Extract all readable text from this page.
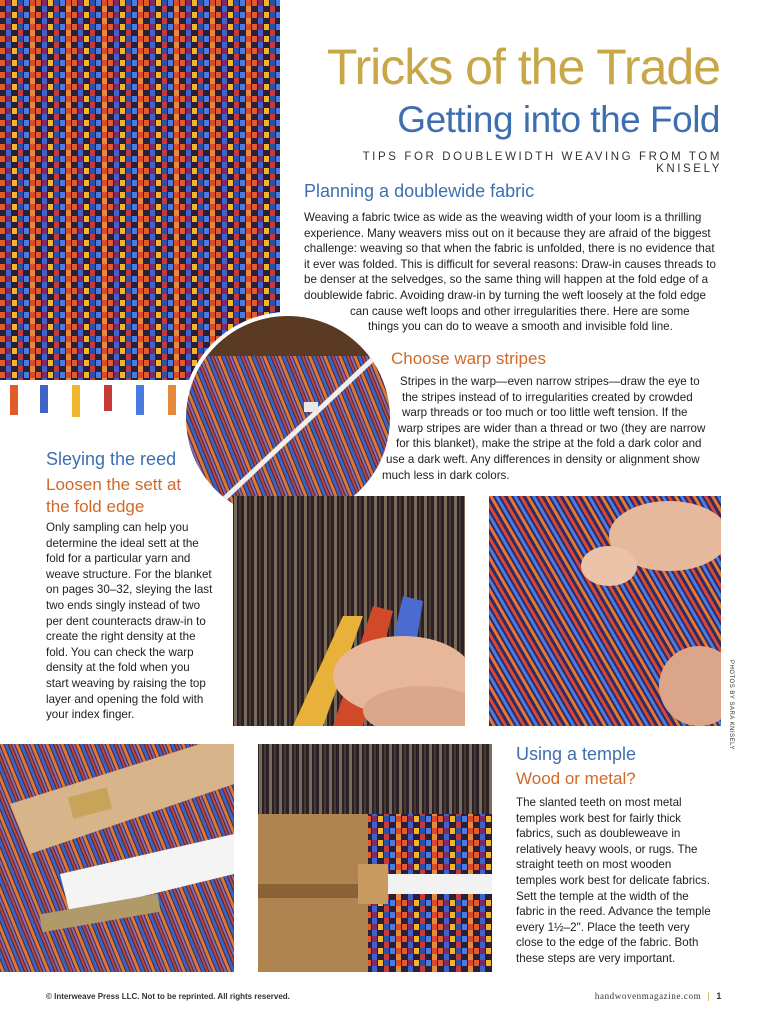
Tricks of the Trade
Getting into the Fold
TIPS FOR DOUBLEWIDTH WEAVING FROM TOM KNISELY
Planning a doublewide fabric

Weaving a fabric twice as wide as the weaving width of your loom is a thrilling

experience. Many weavers miss out on it because they are afraid of the biggest

challenge: weaving so that when the fabric is unfolded, there is no evidence that

it ever was folded. This is difficult for several reasons: Draw-in causes threads to

be denser at the selvedges, so the same thing will happen at the fold edge of a

doublewide fabric. Avoiding draw-in by turning the weft loosely at the fold edge

can cause weft loops and other irregularities there. Here are some

things you can do to weave a smooth and invisible fold line.

Choose warp stripes

Stripes in the warp—even narrow stripes—draw the eye to

the stripes instead of to irregularities created by crowded

warp threads or too much or too little weft tension. If the

warp stripes are wider than a thread or two (they are narrow

for this blanket), make the stripe at the fold a dark color and

use a dark weft. Any differences in density or alignment show

much less in dark colors.

Sleying the reed
Loosen the sett at
the fold edge

Only sampling can help you

determine the ideal sett at the

fold for a particular yarn and

weave structure. For the blanket

on pages 30–32, sleying the last

two ends singly instead of two

per dent counteracts draw-in to

create the right density at the

fold. You can check the warp

density at the fold when you

start weaving by raising the top

layer and opening the fold with

your index finger.	PHOTOS BY SARA KNISELY
Using a temple
Wood or metal?

The slanted teeth on most metal

temples work best for fairly thick

fabrics, such as doubleweave in

relatively heavy wools, or rugs. The

straight teeth on most wooden

temples work best for delicate fabrics.

Sett the temple at the width of the

fabric in the reed. Advance the temple

every 1½–2". Place the teeth very

close to the edge of the fabric. Both

these steps are very important.

© Interweave Press LLC. Not to be reprinted. All rights reserved.	handwovenmagazine.com | 1
